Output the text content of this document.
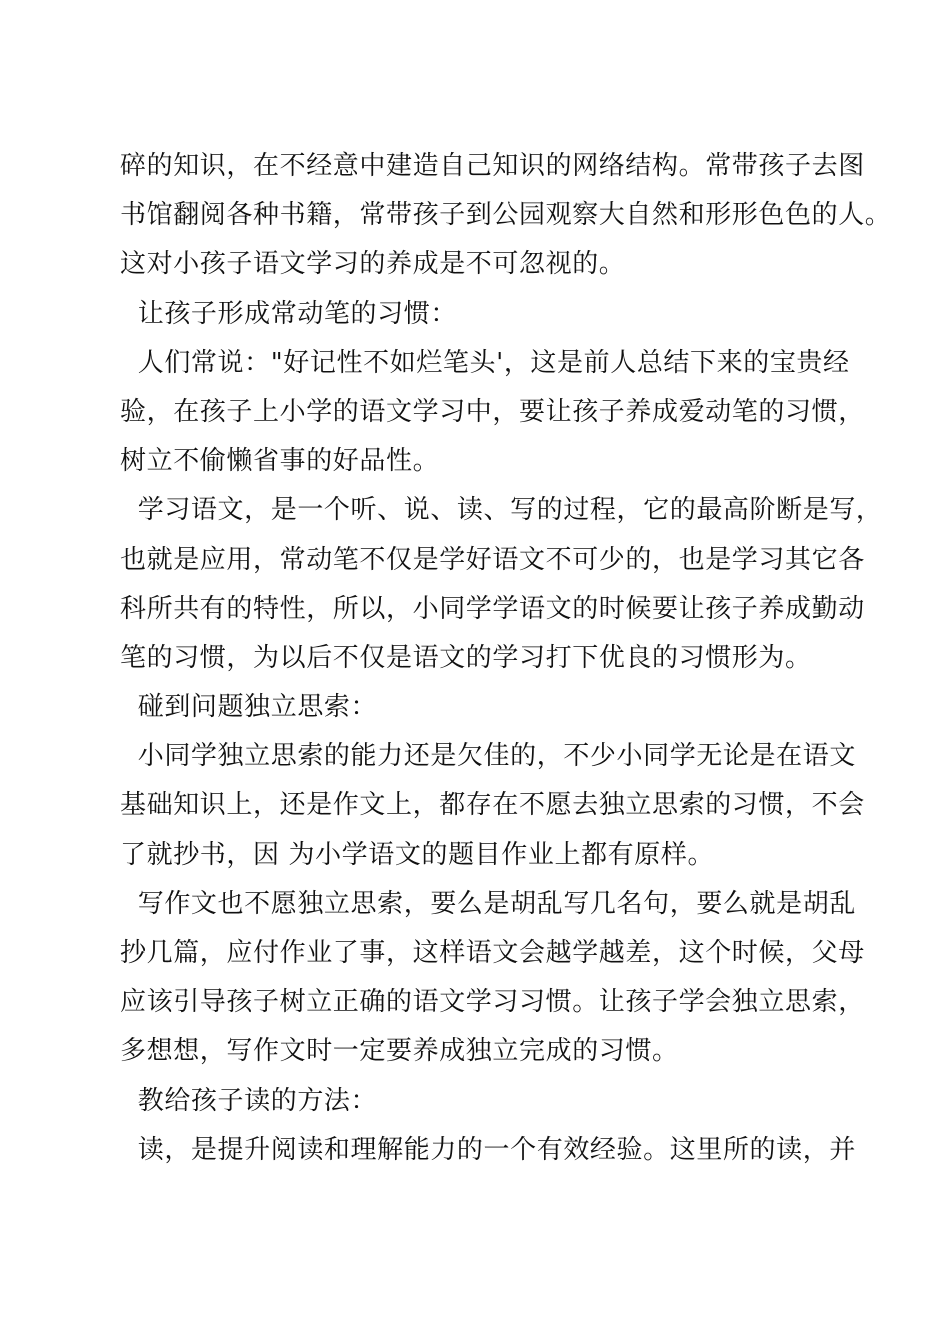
碎的知识，在不经意中建造自己知识的网络结构。常带孩子去图
书馆翻阅各种书籍，常带孩子到公园观察大自然和形形色色的人。
这对小孩子语文学习的养成是不可忽视的。
让孩子形成常动笔的习惯：
人们常说："好记性不如烂笔头'，这是前人总结下来的宝贵经
验，在孩子上小学的语文学习中，要让孩子养成爱动笔的习惯，
树立不偷懒省事的好品性。
学习语文，是一个听、说、读、写的过程，它的最高阶断是写，
也就是应用，常动笔不仅是学好语文不可少的，也是学习其它各
科所共有的特性，所以，小同学学语文的时候要让孩子养成勤动
笔的习惯，为以后不仅是语文的学习打下优良的习惯形为。
碰到问题独立思索：
小同学独立思索的能力还是欠佳的，不少小同学无论是在语文
基础知识上，还是作文上，都存在不愿去独立思索的习惯，不会
了就抄书，因 为小学语文的题目作业上都有原样。
写作文也不愿独立思索，要么是胡乱写几名句，要么就是胡乱
抄几篇，应付作业了事，这样语文会越学越差，这个时候，父母
应该引导孩子树立正确的语文学习习惯。让孩子学会独立思索，
多想想，写作文时一定要养成独立完成的习惯。
教给孩子读的方法：
读，是提升阅读和理解能力的一个有效经验。这里所的读，并
